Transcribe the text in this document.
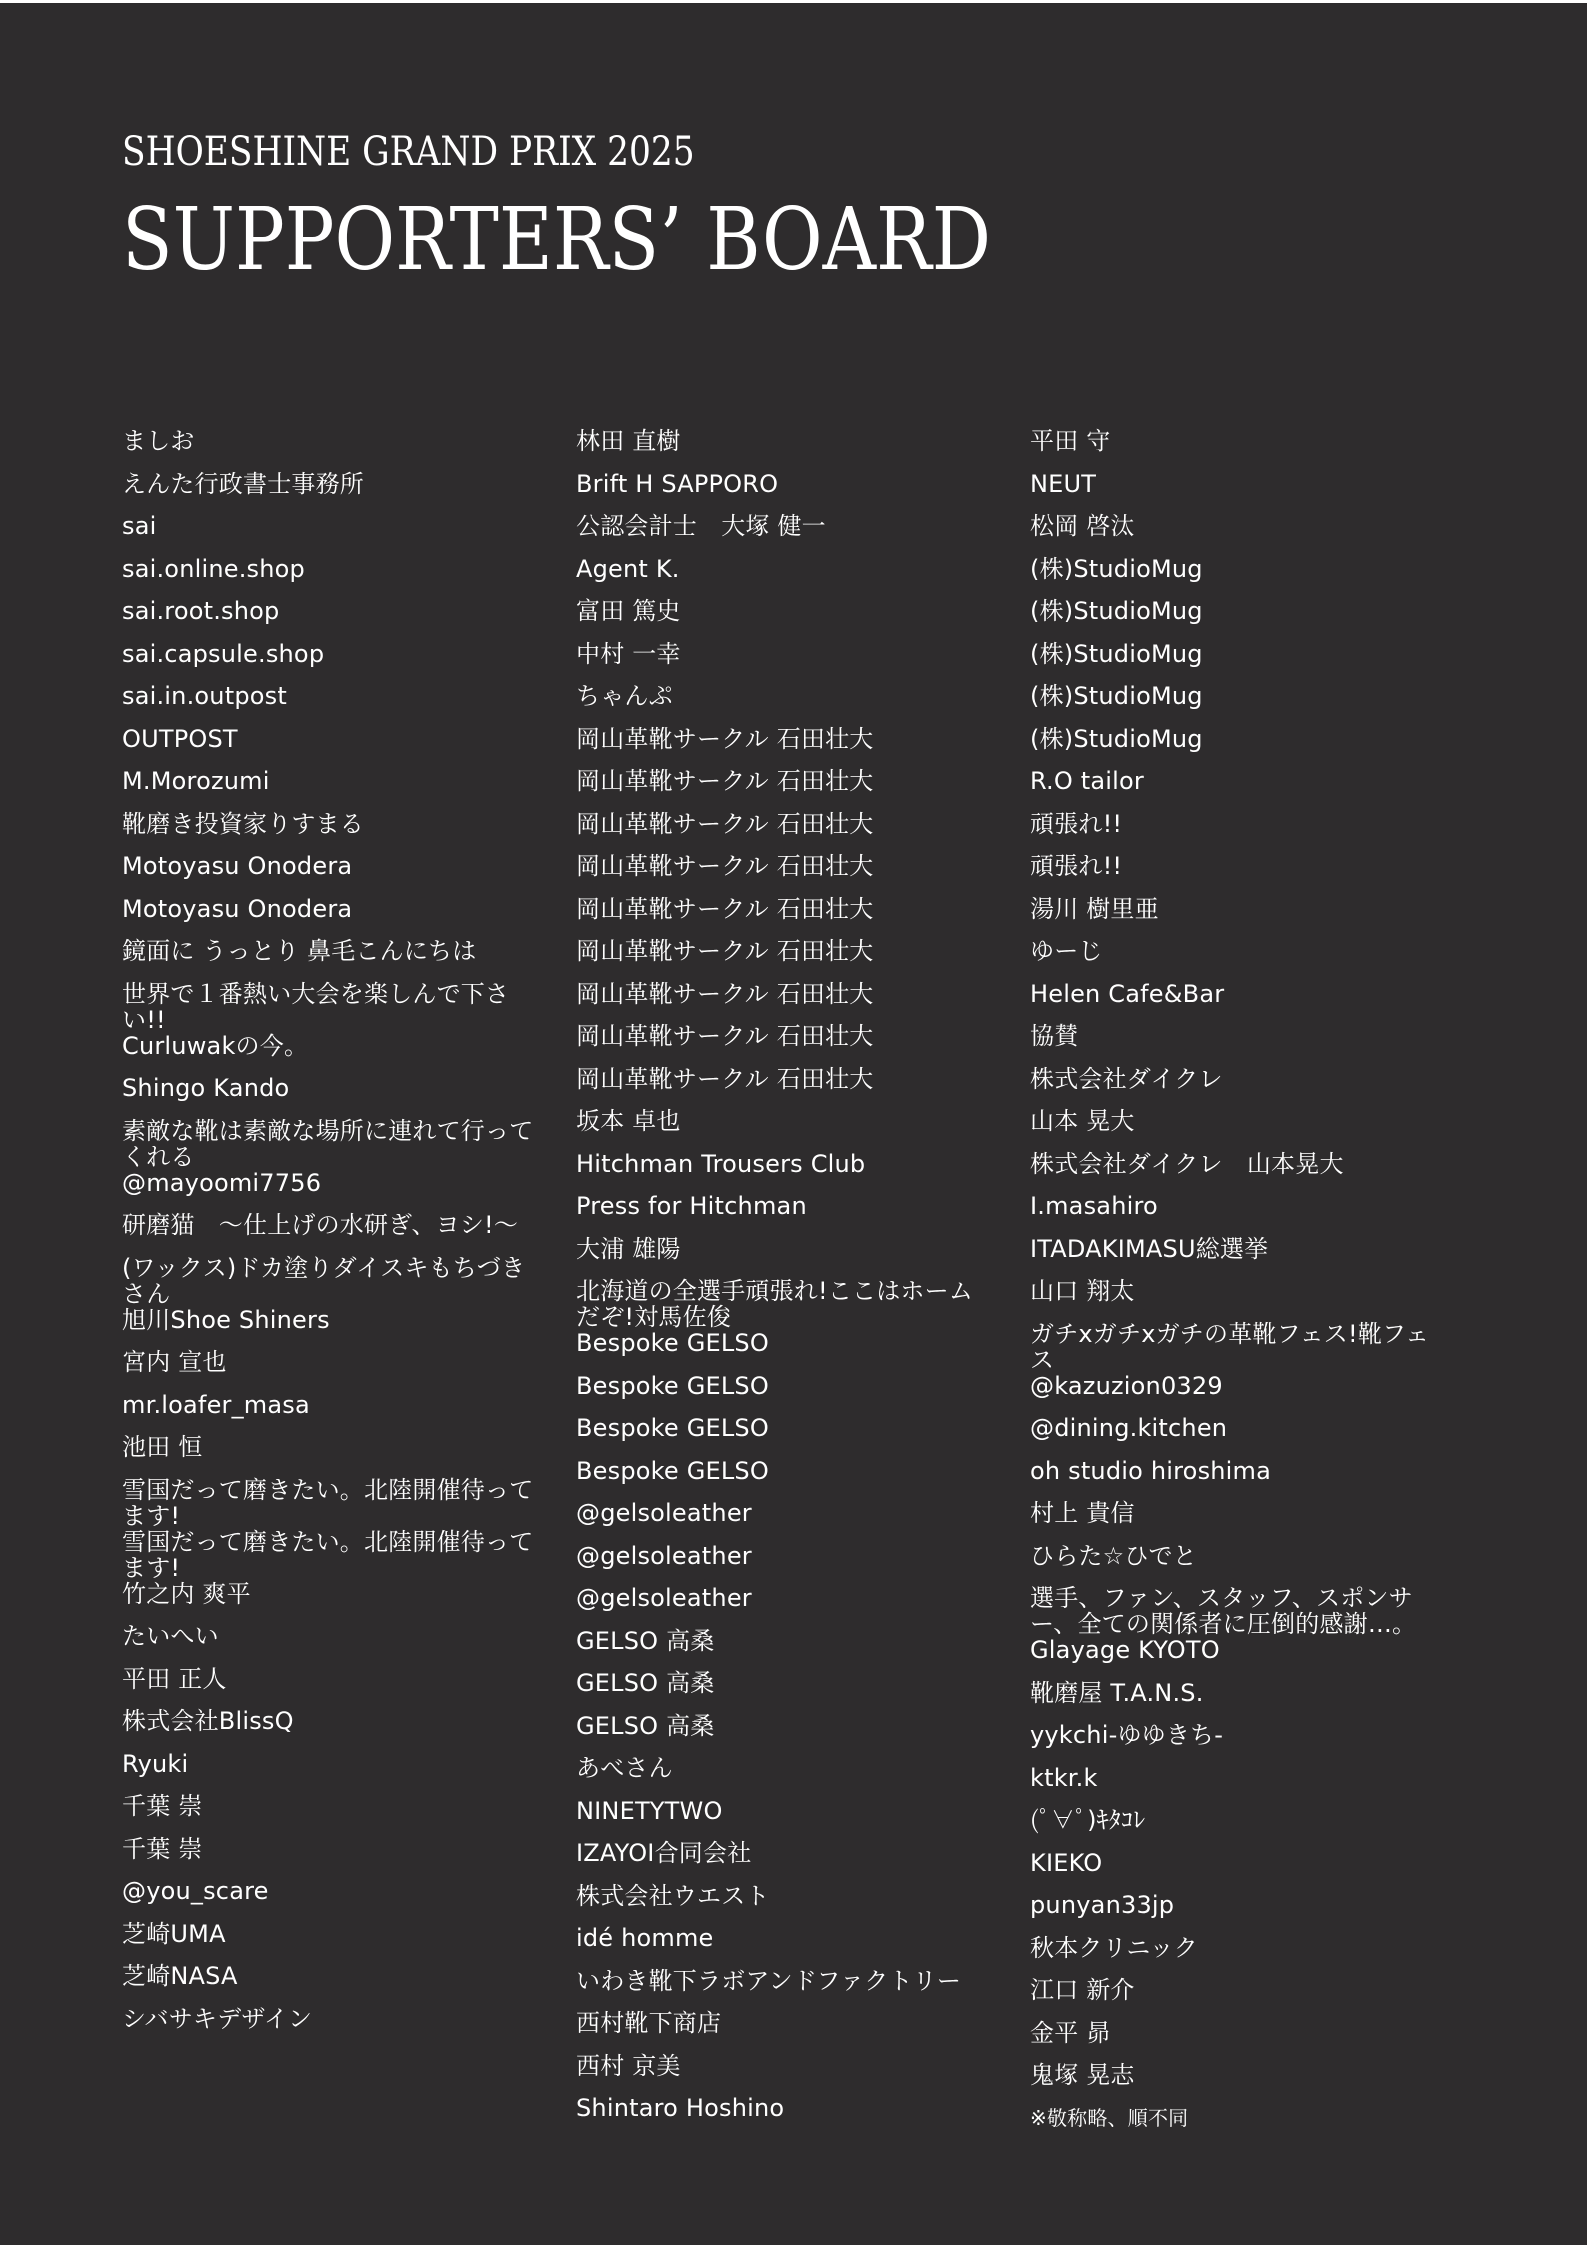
SHOESHINE GRAND PRIX 2025
SUPPORTERS’ BOARD
ましお
えんた行政書士事務所
sai
sai.online.shop
sai.root.shop
sai.capsule.shop
sai.in.outpost
OUTPOST
M.Morozumi
靴磨き投資家りすまる
Motoyasu Onodera
Motoyasu Onodera
鏡面に うっとり 鼻毛こんにちは
世界で１番熱い大会を楽しんで下さい!!
Curluwakの今。
Shingo Kando
素敵な靴は素敵な場所に連れて行ってくれる
@mayoomi7756
研磨猫　〜仕上げの水研ぎ、ヨシ!〜
(ワックス)ドカ塗りダイスキもちづきさん
旭川Shoe Shiners
宮内 宣也
mr.loafer_masa
池田 恒
雪国だって磨きたい。北陸開催待ってます!
雪国だって磨きたい。北陸開催待ってます!
竹之内 爽平
たいへい
平田 正人
株式会社BlissQ
Ryuki
千葉 崇
千葉 崇
@you_scare
芝崎UMA
芝崎NASA
シバサキデザイン
林田 直樹
Brift H SAPPORO
公認会計士　大塚 健一
Agent K.
富田 篤史
中村 一幸
ちゃんぷ
岡山革靴サークル 石田壮大
岡山革靴サークル 石田壮大
岡山革靴サークル 石田壮大
岡山革靴サークル 石田壮大
岡山革靴サークル 石田壮大
岡山革靴サークル 石田壮大
岡山革靴サークル 石田壮大
岡山革靴サークル 石田壮大
岡山革靴サークル 石田壮大
坂本 卓也
Hitchman Trousers Club
Press for Hitchman
大浦 雄陽
北海道の全選手頑張れ!ここはホームだぞ!対馬佐俊
Bespoke GELSO
Bespoke GELSO
Bespoke GELSO
Bespoke GELSO
@gelsoleather
@gelsoleather
@gelsoleather
GELSO 高桑
GELSO 高桑
GELSO 高桑
あべさん
NINETYTWO
IZAYOI合同会社
株式会社ウエスト
idé homme
いわき靴下ラボアンドファクトリー
西村靴下商店
西村 京美
Shintaro Hoshino
平田 守
NEUT
松岡 啓汰
(株)StudioMug
(株)StudioMug
(株)StudioMug
(株)StudioMug
(株)StudioMug
R.O tailor
頑張れ!!
頑張れ!!
湯川 樹里亜
ゆーじ
Helen Cafe&Bar
協賛
株式会社ダイクレ
山本 晃大
株式会社ダイクレ　山本晃大
I.masahiro
ITADAKIMASU総選挙
山口 翔太
ガチxガチxガチの革靴フェス!靴フェス
@kazuzion0329
@dining.kitchen
oh studio hiroshima
村上 貴信
ひらた☆ひでと
選手、ファン、スタッフ、スポンサー、全ての関係者に圧倒的感謝…。
Glayage KYOTO
靴磨屋 T.A.N.S.
yykchi-ゆゆきち-
ktkr.k
(ﾟ∀ﾟ)ｷﾀｺﾚ
KIEKO
punyan33jp
秋本クリニック
江口 新介
金平 昴
鬼塚 晃志
※敬称略、順不同
